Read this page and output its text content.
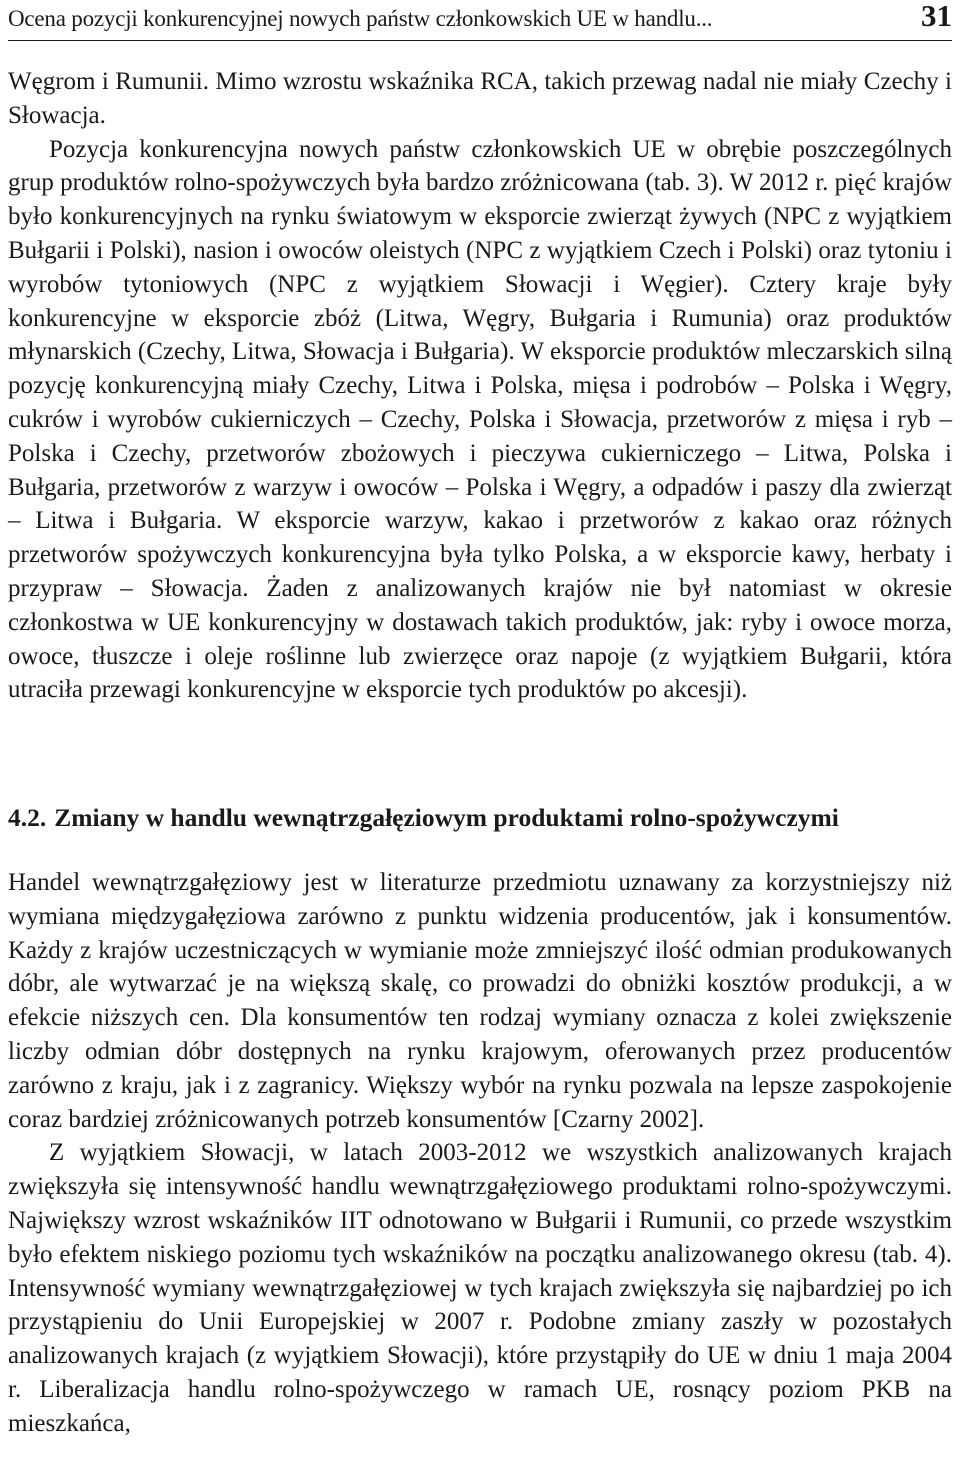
Ocena pozycji konkurencyjnej nowych państw członkowskich UE w handlu...	31

Węgrom i Rumunii. Mimo wzrostu wskaźnika RCA, takich przewag nadal nie miały Czechy i Słowacja.

Pozycja konkurencyjna nowych państw członkowskich UE w obrębie poszczególnych grup produktów rolno-spożywczych była bardzo zróżnicowana (tab. 3). W 2012 r. pięć krajów było konkurencyjnych na rynku światowym w eksporcie zwierząt żywych (NPC z wyjątkiem Bułgarii i Polski), nasion i owoców oleistych (NPC z wyjątkiem Czech i Polski) oraz tytoniu i wyrobów tytoniowych (NPC z wyjątkiem Słowacji i Węgier). Cztery kraje były konkurencyjne w eksporcie zbóż (Litwa, Węgry, Bułgaria i Rumunia) oraz produktów młynarskich (Czechy, Litwa, Słowacja i Bułgaria). W eksporcie produktów mleczarskich silną pozycję konkurencyjną miały Czechy, Litwa i Polska, mięsa i podrobów – Polska i Węgry, cukrów i wyrobów cukierniczych – Czechy, Polska i Słowacja, przetworów z mięsa i ryb – Polska i Czechy, przetworów zbożowych i pieczywa cukierniczego – Litwa, Polska i Bułgaria, przetworów z warzyw i owoców – Polska i Węgry, a odpadów i paszy dla zwierząt – Litwa i Bułgaria. W eksporcie warzyw, kakao i przetworów z kakao oraz różnych przetworów spożywczych konkurencyjna była tylko Polska, a w eksporcie kawy, herbaty i przypraw – Słowacja. Żaden z analizowanych krajów nie był natomiast w okresie członkostwa w UE konkurencyjny w dostawach takich produktów, jak: ryby i owoce morza, owoce, tłuszcze i oleje roślinne lub zwierzęce oraz napoje (z wyjątkiem Bułgarii, która utraciła przewagi konkurencyjne w eksporcie tych produktów po akcesji).

4.2. Zmiany w handlu wewnątrzgałęziowym produktami rolno-spożywczymi

Handel wewnątrzgałęziowy jest w literaturze przedmiotu uznawany za korzystniejszy niż wymiana międzygałęziowa zarówno z punktu widzenia producentów, jak i konsumentów. Każdy z krajów uczestniczących w wymianie może zmniejszyć ilość odmian produkowanych dóbr, ale wytwarzać je na większą skalę, co prowadzi do obniżki kosztów produkcji, a w efekcie niższych cen. Dla konsumentów ten rodzaj wymiany oznacza z kolei zwiększenie liczby odmian dóbr dostępnych na rynku krajowym, oferowanych przez producentów zarówno z kraju, jak i z zagranicy. Większy wybór na rynku pozwala na lepsze zaspokojenie coraz bardziej zróżnicowanych potrzeb konsumentów [Czarny 2002].

Z wyjątkiem Słowacji, w latach 2003-2012 we wszystkich analizowanych krajach zwiększyła się intensywność handlu wewnątrzgałęziowego produktami rolno-spożywczymi. Największy wzrost wskaźników IIT odnotowano w Bułgarii i Rumunii, co przede wszystkim było efektem niskiego poziomu tych wskaźników na początku analizowanego okresu (tab. 4). Intensywność wymiany wewnątrzgałęziowej w tych krajach zwiększyła się najbardziej po ich przystąpieniu do Unii Europejskiej w 2007 r. Podobne zmiany zaszły w pozostałych analizowanych krajach (z wyjątkiem Słowacji), które przystąpiły do UE w dniu 1 maja 2004 r. Liberalizacja handlu rolno-spożywczego w ramach UE, rosnący poziom PKB na mieszkańca,
